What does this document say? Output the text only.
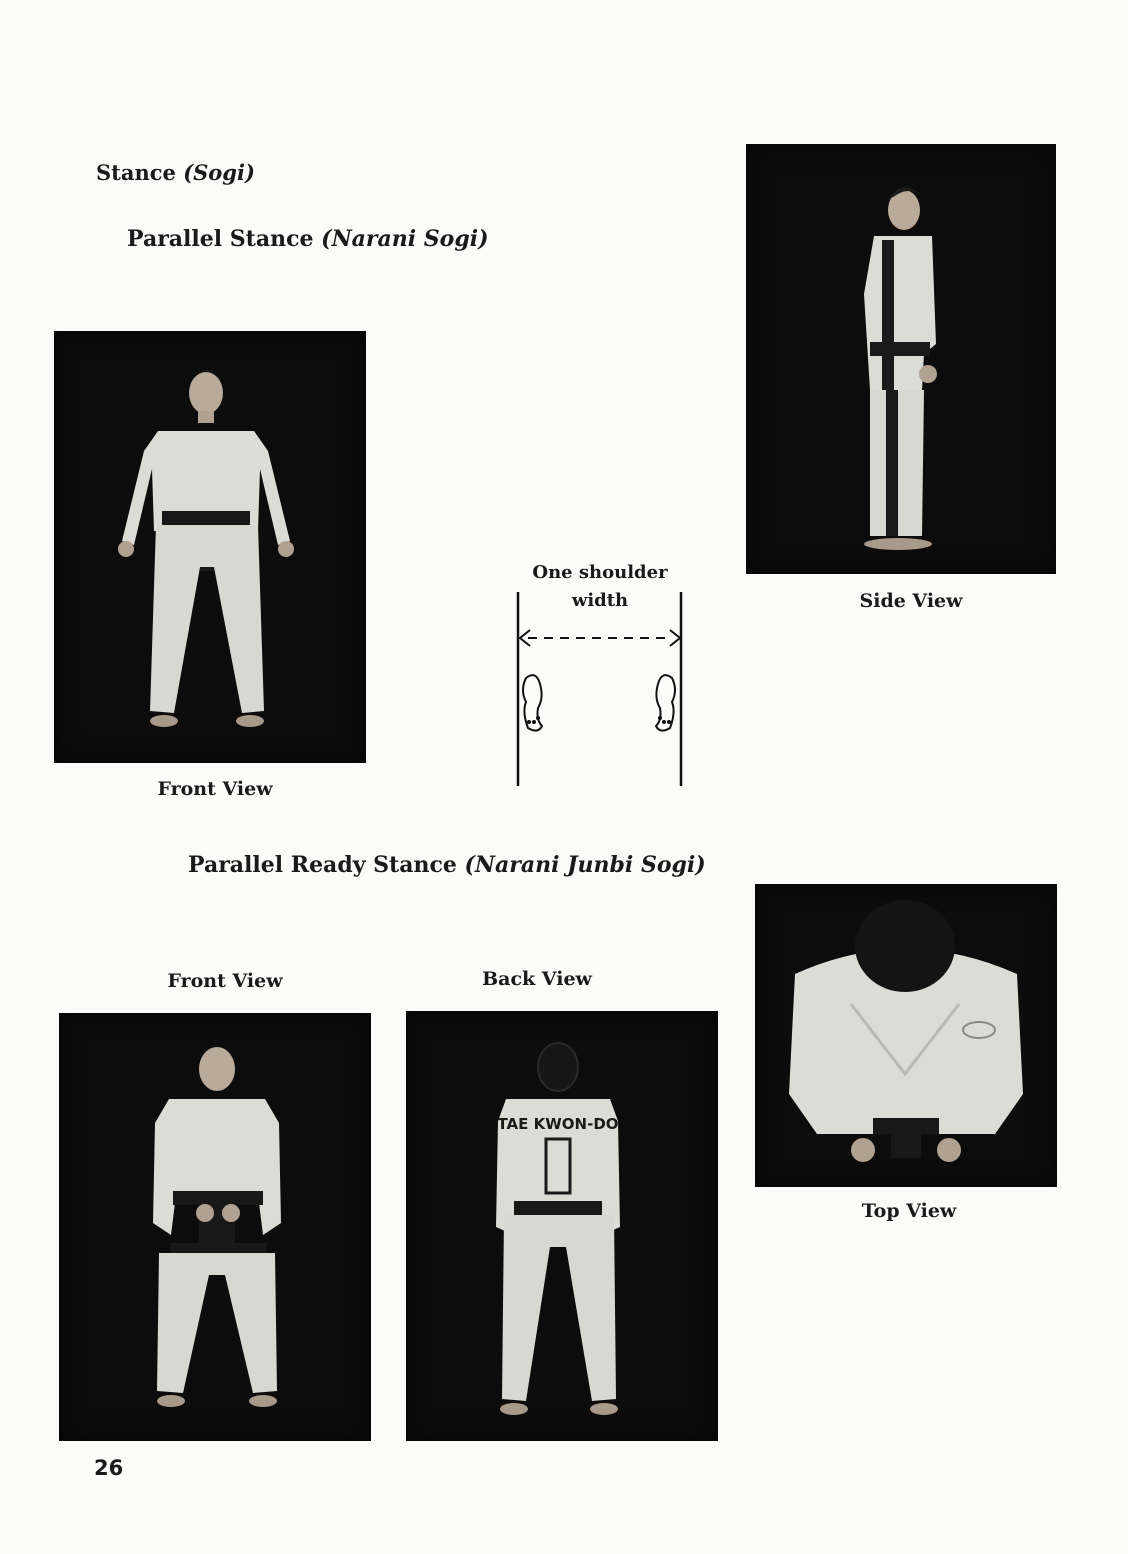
Stance (Sogi)
Parallel Stance (Narani Sogi)
Parallel Ready Stance (Narani Junbi Sogi)
Front View
Side View
One shoulder
width
Front View	Back View
TAE KWON-DO
Top View
26
